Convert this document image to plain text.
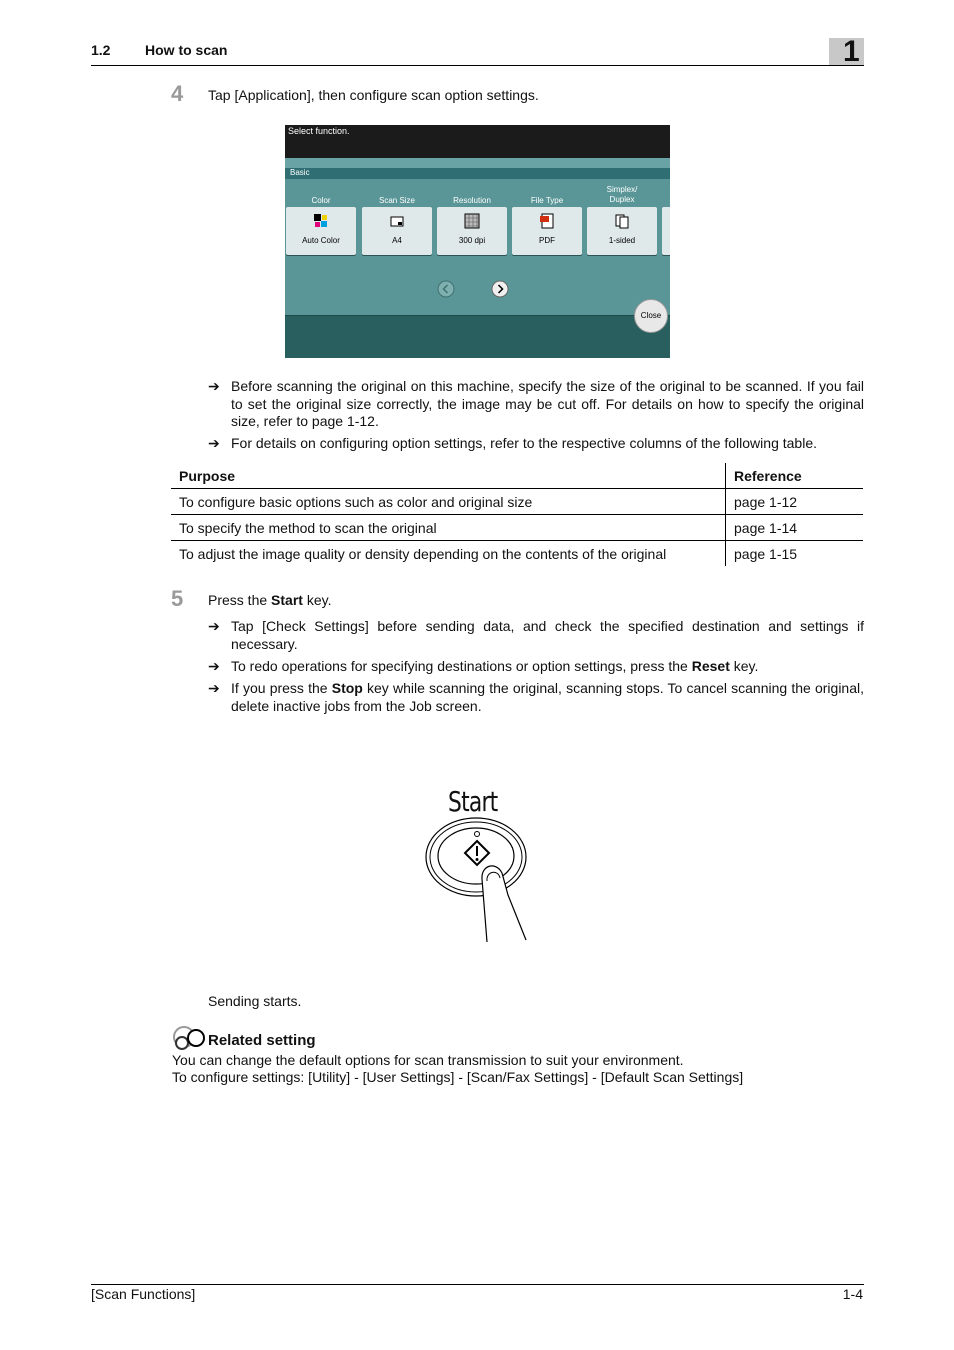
1.2 How to scan	1
4 Tap [Application], then configure scan option settings.
Select function.
Basic
Color	Scan Size	Resolution	File Type
Simplex/
Duplex
Auto Color	A4	300 dpi	PDF	1-sided
Close
➔ Before scanning the original on this machine, specify the size of the original to be scanned. If you fail to set the original size correctly, the image may be cut off. For details on how to specify the original size, refer to page 1-12.
➔ For details on configuring option settings, refer to the respective columns of the following table.
Purpose	Reference
To configure basic options such as color and original size	page 1-12
To specify the method to scan the original	page 1-14
To adjust the image quality or density depending on the contents of the original	page 1-15
5 Press the Start key.
➔ Tap [Check Settings] before sending data, and check the specified destination and settings if necessary.
➔ To redo operations for specifying destinations or option settings, press the Reset key.
➔ If you press the Stop key while scanning the original, scanning stops. To cancel scanning the original, delete inactive jobs from the Job screen.
Start
Sending starts.
Related setting
You can change the default options for scan transmission to suit your environment.
To configure settings: [Utility] - [User Settings] - [Scan/Fax Settings] - [Default Scan Settings]
[Scan Functions]	1-4
